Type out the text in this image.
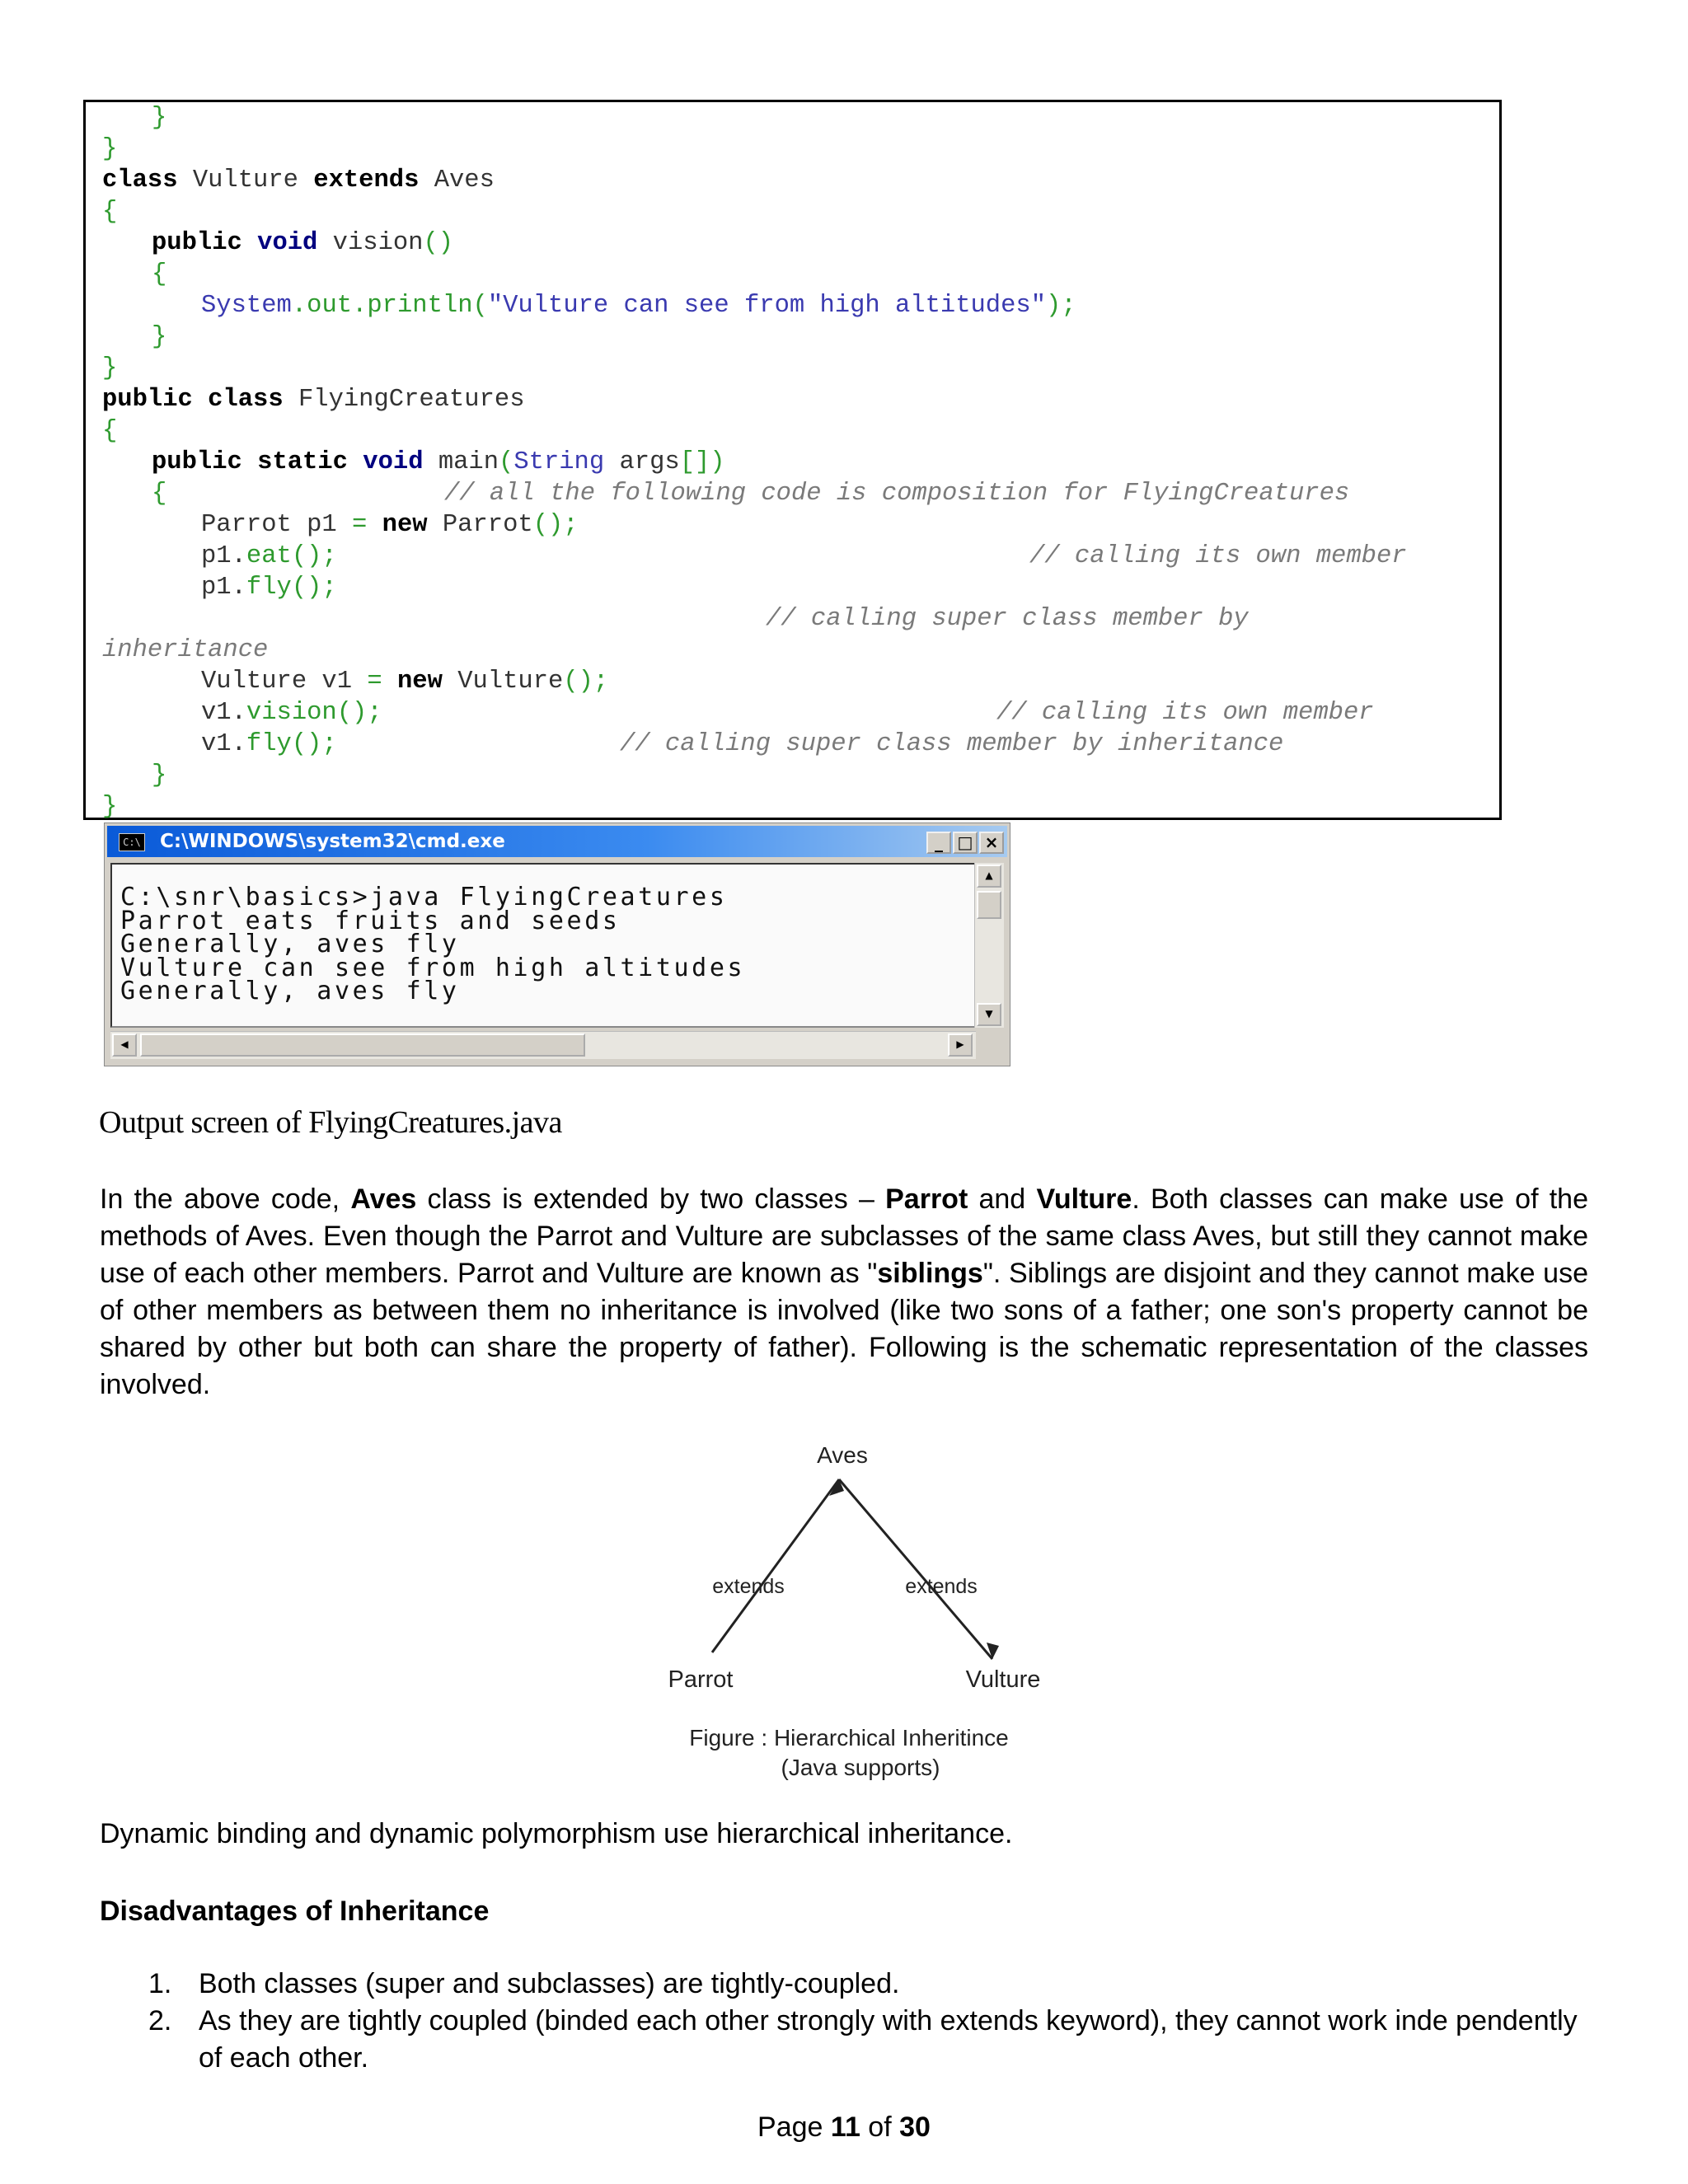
}
}
class Vulture extends Aves
{
public void vision()
{
System.out.println("Vulture can see from high altitudes");
}
}
public class FlyingCreatures
{
public static void main(String args[])
{	// all the following code is composition for FlyingCreatures
Parrot p1 = new Parrot();
p1.eat();	// calling its own member
p1.fly();
// calling super class member by
inheritance
Vulture v1 = new Vulture();
v1.vision();	// calling its own member
v1.fly();	// calling super class member by inheritance
}
}
C:\ C:\WINDOWS\system32\cmd.exe	_ □ ×
C:\snr\basics>java FlyingCreatures
Parrot eats fruits and seeds
Generally, aves fly
Vulture can see from high altitudes
Generally, aves fly
▲
▼
◀	▶
Output screen of FlyingCreatures.java
In the above code, Aves class is extended by two classes – Parrot and Vulture. Both classes can make use of the
methods of Aves. Even though the Parrot and Vulture are subclasses of the same class Aves, but still they cannot make
use of each other members. Parrot and Vulture are known as "siblings". Siblings are disjoint and they cannot make use
of other members as between them no inheritance is involved (like two sons of a father; one son's property cannot be
shared by other but both can share the property of father). Following is the schematic representation of the classes
involved.
Aves
extends	extends
Parrot	Vulture
Figure : Hierarchical Inheritince
(Java supports)
Dynamic binding and dynamic polymorphism use hierarchical inheritance.
Disadvantages of Inheritance
1. Both classes (super and subclasses) are tightly-coupled.
2. As they are tightly coupled (binded each other strongly with extends keyword), they cannot work inde pendently
of each other.
Page 11 of 30
